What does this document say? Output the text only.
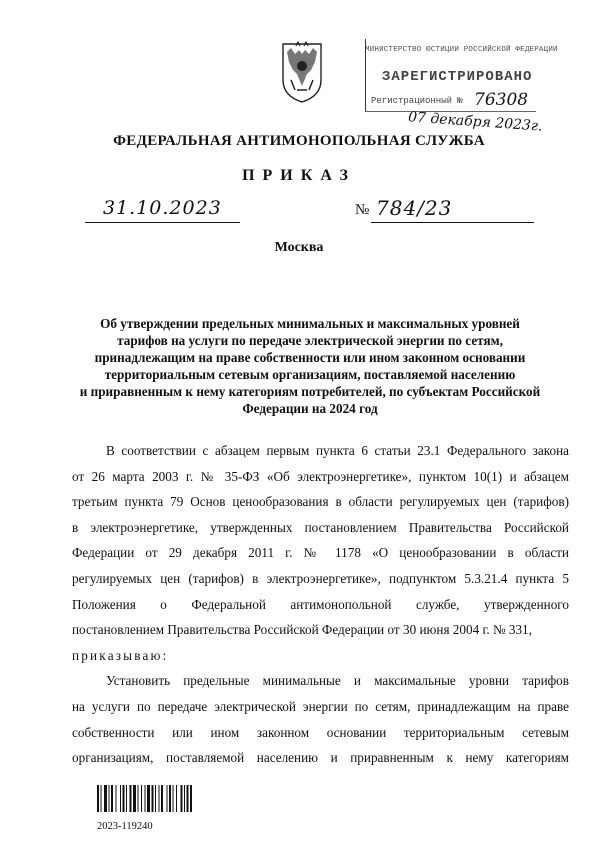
МИНИСТЕРСТВО ЮСТИЦИИ РОССИЙСКОЙ ФЕДЕРАЦИИ
ЗАРЕГИСТРИРОВАНО
Регистрационный № 76308
07 декабря 2023г.
ФЕДЕРАЛЬНАЯ АНТИМОНОПОЛЬНАЯ СЛУЖБА
ПРИКАЗ
31.10.2023	№ 784/23
Москва
Об утверждении предельных минимальных и максимальных уровней
тарифов на услуги по передаче электрической энергии по сетям,
принадлежащим на праве собственности или ином законном основании
территориальным сетевым организациям, поставляемой населению
и приравненным к нему категориям потребителей, по субъектам Российской
Федерации на 2024 год
В соответствии с абзацем первым пункта 6 статьи 23.1 Федерального закона
от 26 марта 2003 г. № 35-ФЗ «Об электроэнергетике», пунктом 10(1) и абзацем
третьим пункта 79 Основ ценообразования в области регулируемых цен (тарифов)
в электроэнергетике, утвержденных постановлением Правительства Российской
Федерации от 29 декабря 2011 г. № 1178 «О ценообразовании в области
регулируемых цен (тарифов) в электроэнергетике», подпунктом 5.3.21.4 пункта 5
Положения о Федеральной антимонопольной службе, утвержденного
постановлением Правительства Российской Федерации от 30 июня 2004 г. № 331,
приказываю:
Установить предельные минимальные и максимальные уровни тарифов
на услуги по передаче электрической энергии по сетям, принадлежащим на праве
собственности или ином законном основании территориальным сетевым
организациям, поставляемой населению и приравненным к нему категориям
2023-119240
